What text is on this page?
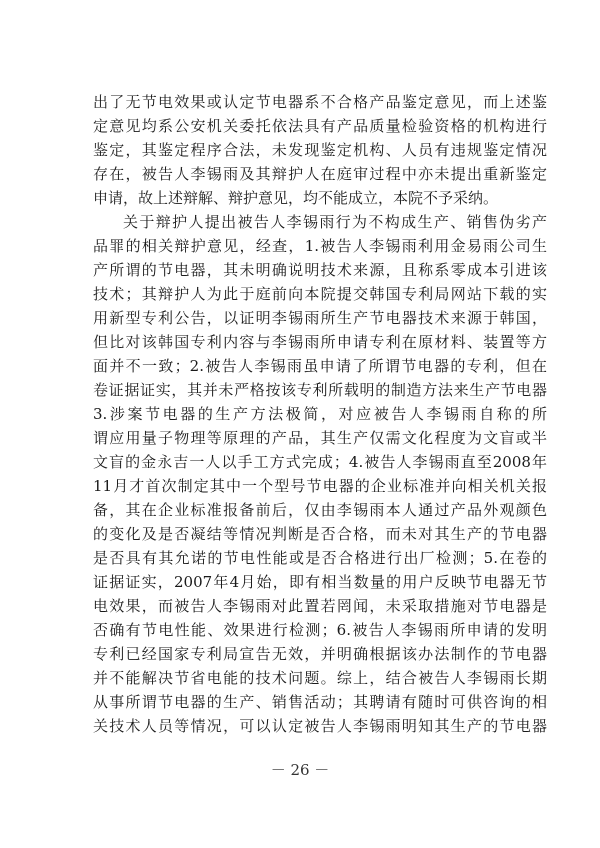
出了无节电效果或认定节电器系不合格产品鉴定意见，而上述鉴
定意见均系公安机关委托依法具有产品质量检验资格的机构进行
鉴定，其鉴定程序合法，未发现鉴定机构、人员有违规鉴定情况
存在，被告人李锡雨及其辩护人在庭审过程中亦未提出重新鉴定
申请，故上述辩解、辩护意见，均不能成立，本院不予采纳。
关于辩护人提出被告人李锡雨行为不构成生产、销售伪劣产
品罪的相关辩护意见，经查，1.被告人李锡雨利用金易雨公司生
产所谓的节电器，其未明确说明技术来源，且称系零成本引进该
技术；其辩护人为此于庭前向本院提交韩国专利局网站下载的实
用新型专利公告，以证明李锡雨所生产节电器技术来源于韩国，
但比对该韩国专利内容与李锡雨所申请专利在原材料、装置等方
面并不一致；2.被告人李锡雨虽申请了所谓节电器的专利，但在
卷证据证实，其并未严格按该专利所载明的制造方法来生产节电器
3.涉案节电器的生产方法极简，对应被告人李锡雨自称的所
谓应用量子物理等原理的产品，其生产仅需文化程度为文盲或半
文盲的金永吉一人以手工方式完成；4.被告人李锡雨直至2008年
11月才首次制定其中一个型号节电器的企业标准并向相关机关报
备，其在企业标准报备前后，仅由李锡雨本人通过产品外观颜色
的变化及是否凝结等情况判断是否合格，而未对其生产的节电器
是否具有其允诺的节电性能或是否合格进行出厂检测；5.在卷的
证据证实，2007年4月始，即有相当数量的用户反映节电器无节
电效果，而被告人李锡雨对此置若罔闻，未采取措施对节电器是
否确有节电性能、效果进行检测；6.被告人李锡雨所申请的发明
专利已经国家专利局宣告无效，并明确根据该办法制作的节电器
并不能解决节省电能的技术问题。综上，结合被告人李锡雨长期
从事所谓节电器的生产、销售活动；其聘请有随时可供咨询的相
关技术人员等情况，可以认定被告人李锡雨明知其生产的节电器
－ 26 －
